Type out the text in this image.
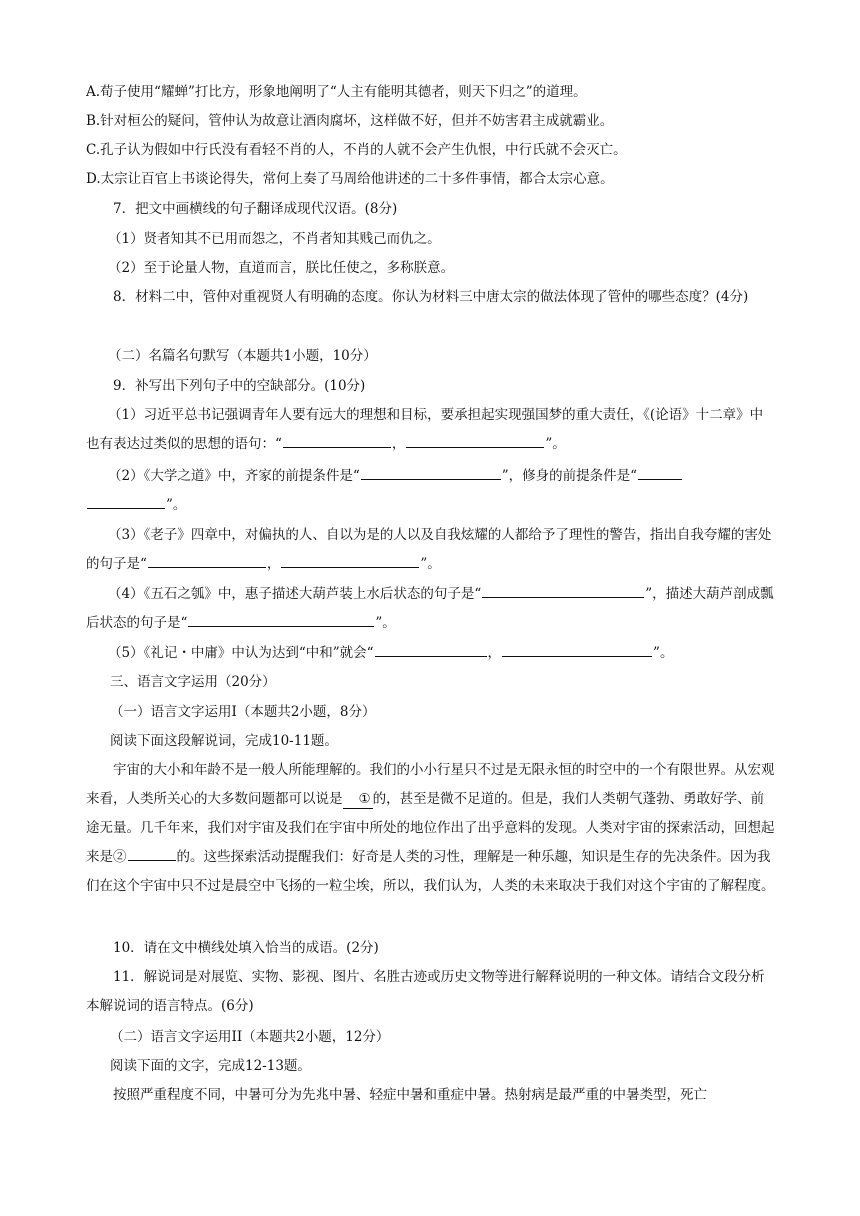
A.荀子使用“耀蝉”打比方，形象地阐明了“人主有能明其德者，则天下归之”的道理。

B.针对桓公的疑问，管仲认为故意让酒肉腐坏，这样做不好，但并不妨害君主成就霸业。

C.孔子认为假如中行氏没有看轻不肖的人，不肖的人就不会产生仇恨，中行氏就不会灭亡。

D.太宗让百官上书谈论得失，常何上奏了马周给他讲述的二十多件事情，都合太宗心意。

7．把文中画横线的句子翻译成现代汉语。(8分)

（1）贤者知其不已用而怨之，不肖者知其贱己而仇之。

（2）至于论量人物，直道而言，朕比任使之，多称朕意。

8．材料二中，管仲对重视贤人有明确的态度。你认为材料三中唐太宗的做法体现了管仲的哪些态度？(4分)

（二）名篇名句默写（本题共1小题，10分）

9．补写出下列句子中的空缺部分。(10分)

（1）习近平总书记强调青年人要有远大的理想和目标，要承担起实现强国梦的重大责任，《(论语》十二章》中也有表达过类似的思想的语句：“	，	”。

（2）《大学之道》中，齐家的前提条件是“	”，修身的前提条件是“
”。

（3）《老子》四章中，对偏执的人、自以为是的人以及自我炫耀的人都给予了理性的警告，指出自我夸耀的害处的句子是“	，	”。

（4）《五石之瓠》中，惠子描述大葫芦装上水后状态的句子是“	”，描述大葫芦剖成瓢后状态的句子是“	”。

（5）《礼记・中庸》中认为达到“中和”就会“	，	”。

三、语言文字运用（20分）

（一）语言文字运用I（本题共2小题，8分）

阅读下面这段解说词，完成10-11题。

宇宙的大小和年龄不是一般人所能理解的。我们的小小行星只不过是无限永恒的时空中的一个有限世界。从宏观来看，人类所关心的大多数问题都可以说是 ① 的，甚至是微不足道的。但是，我们人类朝气蓬勃、勇敢好学、前途无量。几千年来，我们对宇宙及我们在宇宙中所处的地位作出了出乎意料的发现。人类对宇宙的探索活动，回想起来是②	的。这些探索活动提醒我们：好奇是人类的习性，理解是一种乐趣，知识是生存的先决条件。因为我们在这个宇宙中只不过是晨空中飞扬的一粒尘埃，所以，我们认为，人类的未来取决于我们对这个宇宙的了解程度。

10．请在文中横线处填入恰当的成语。(2分)

11．解说词是对展览、实物、影视、图片、名胜古迹或历史文物等进行解释说明的一种文体。请结合文段分析本解说词的语言特点。(6分)

（二）语言文字运用II（本题共2小题，12分）

阅读下面的文字，完成12-13题。

按照严重程度不同，中暑可分为先兆中暑、轻症中暑和重症中暑。热射病是最严重的中暑类型，死亡
